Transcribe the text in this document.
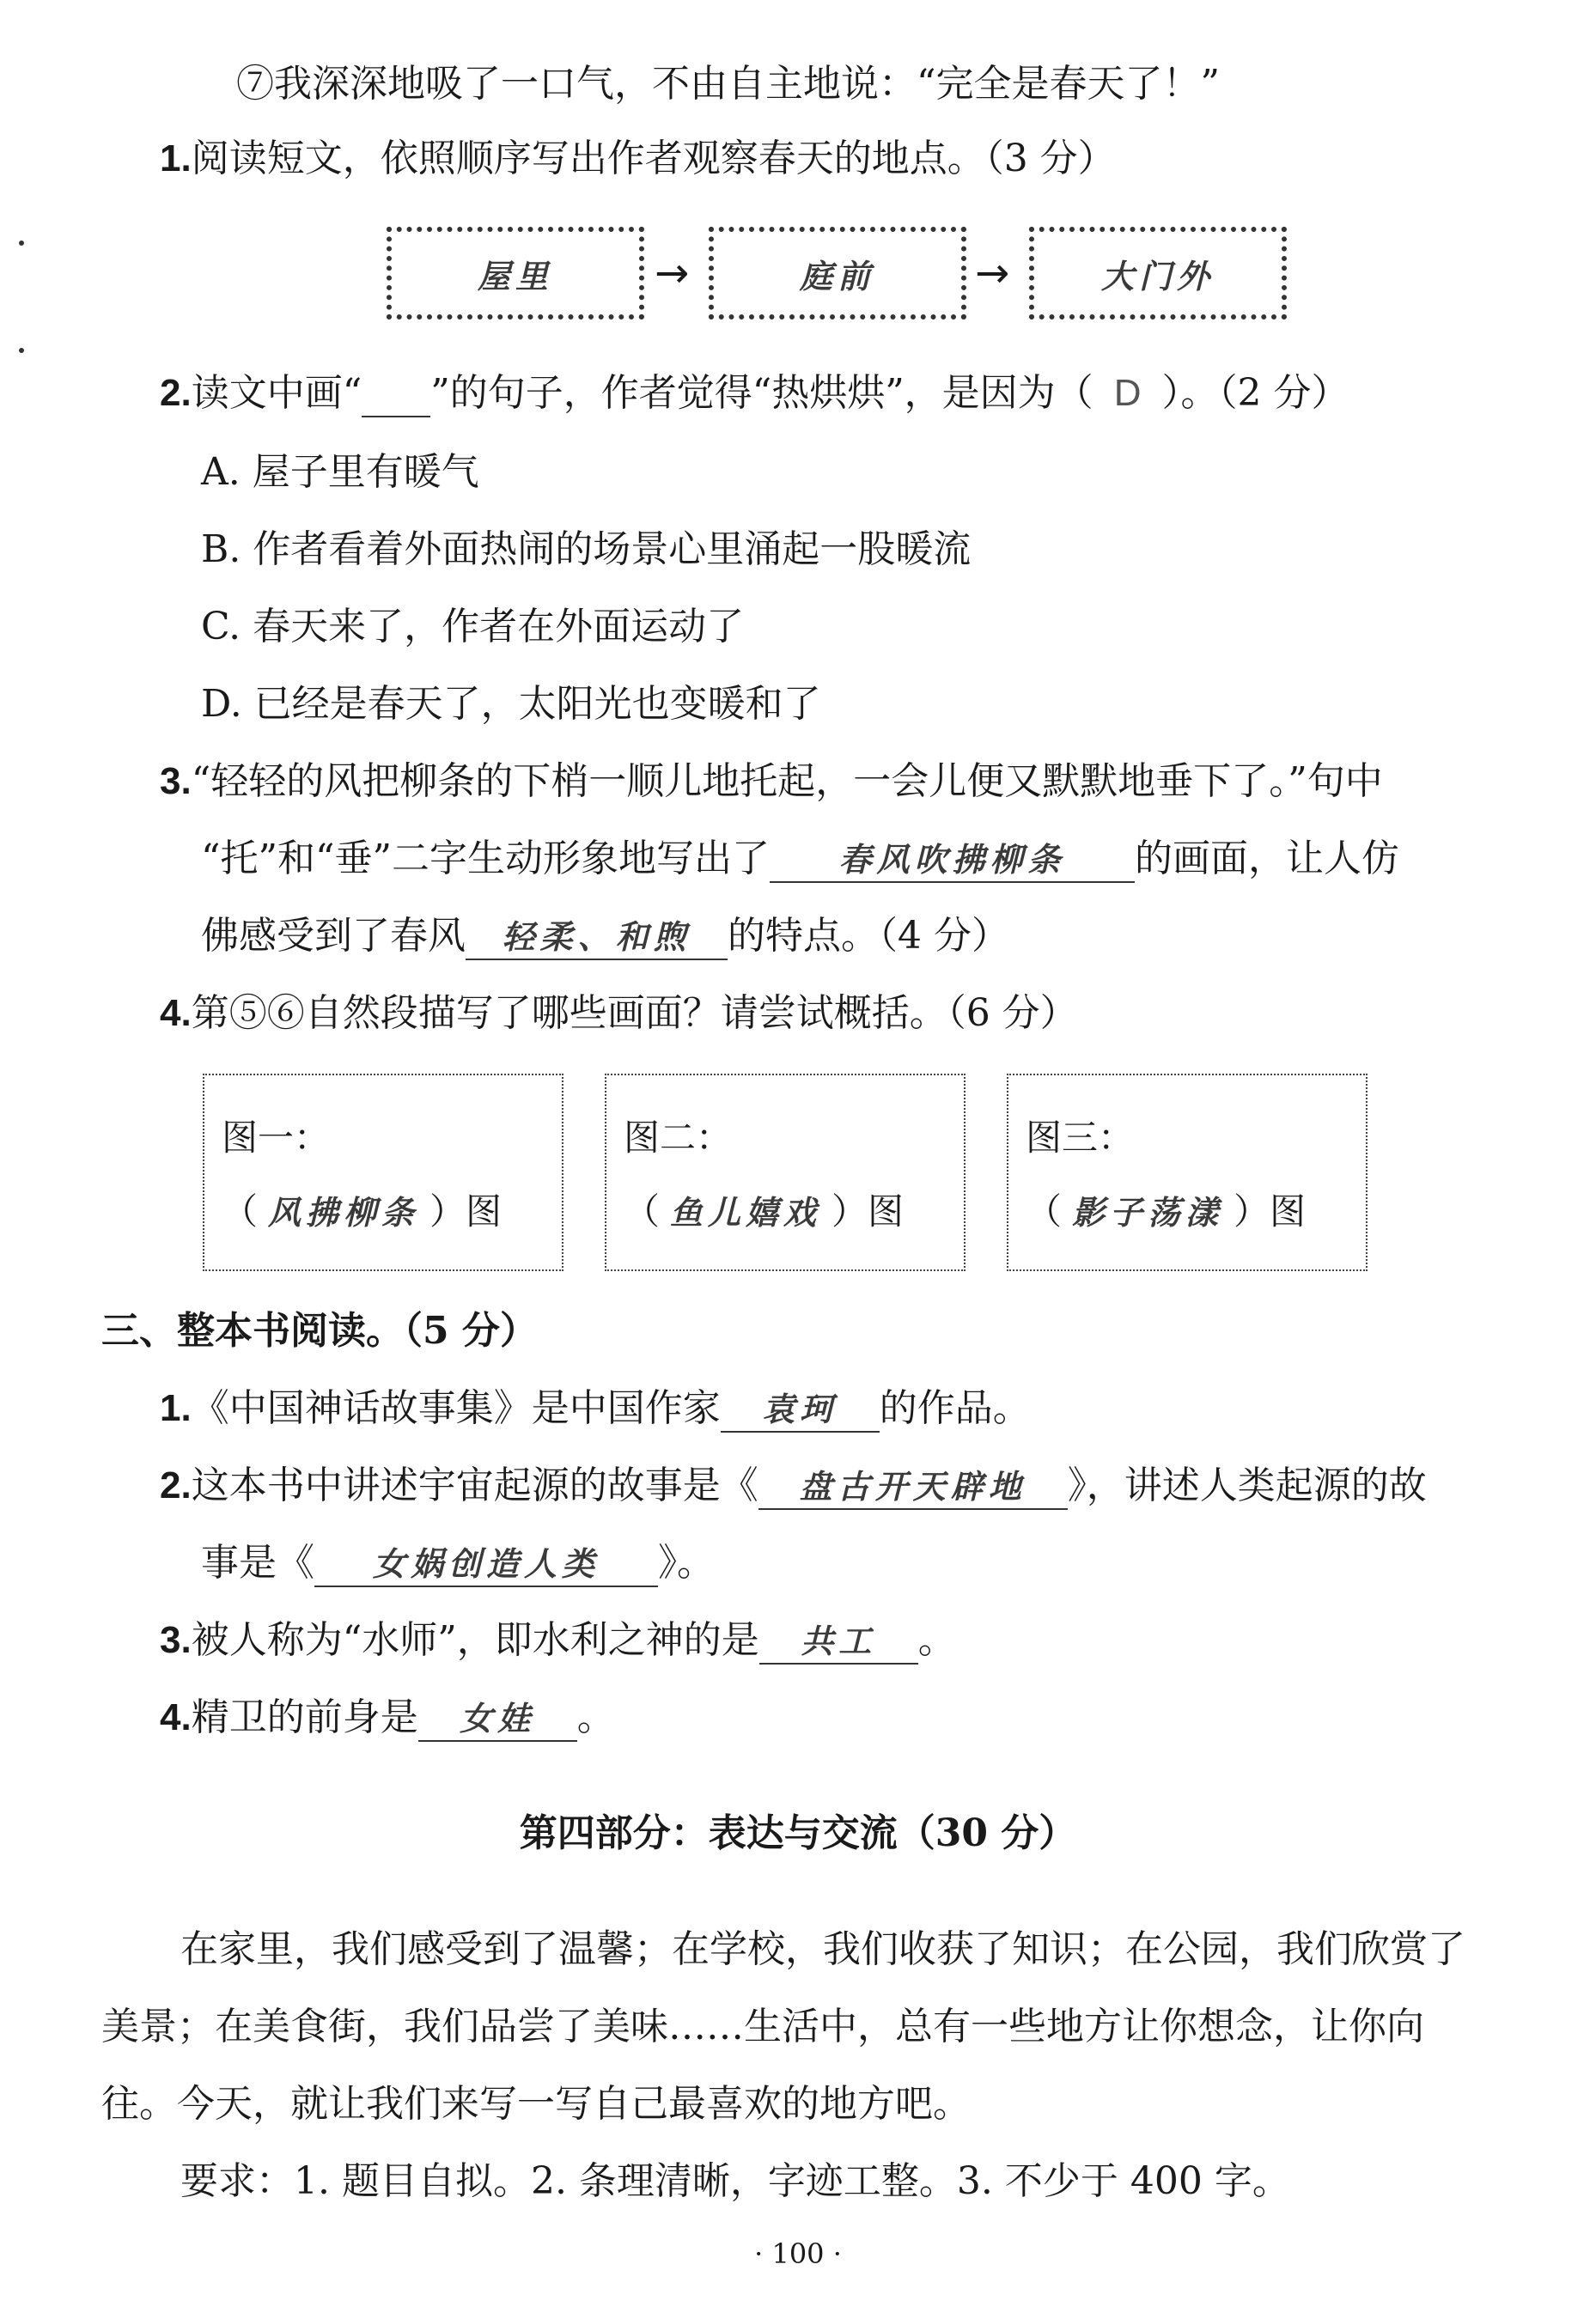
⑦我深深地吸了一口气，不由自主地说：“完全是春天了！”
1.阅读短文，依照顺序写出作者观察春天的地点。（3 分）
屋里 →	庭前 →	大门外
2.读文中画“ ”的句子，作者觉得“热烘烘”，是因为（ D ）。（2 分）
A. 屋子里有暖气
B. 作者看着外面热闹的场景心里涌起一股暖流
C. 春天来了，作者在外面运动了
D. 已经是春天了，太阳光也变暖和了
3.“轻轻的风把柳条的下梢一顺儿地托起，一会儿便又默默地垂下了。”句中
“托”和“垂”二字生动形象地写出了 春风吹拂柳条 的画面，让人仿
佛感受到了春风 轻柔、和煦 的特点。（4 分）
4.第⑤⑥自然段描写了哪些画面？请尝试概括。（6 分）
图一：
（ 风拂柳条 ）图
图二：
（ 鱼儿嬉戏 ）图
图三：
（ 影子荡漾 ）图
三、整本书阅读。（5 分）
1.《中国神话故事集》是中国作家 袁珂 的作品。
2.这本书中讲述宇宙起源的故事是《 盘古开天辟地 》，讲述人类起源的故
事是《 女娲创造人类 》。
3.被人称为“水师”，即水利之神的是 共工 。
4.精卫的前身是 女娃 。
第四部分：表达与交流（30 分）
在家里，我们感受到了温馨；在学校，我们收获了知识；在公园，我们欣赏了
美景；在美食街，我们品尝了美味……生活中，总有一些地方让你想念，让你向
往。今天，就让我们来写一写自己最喜欢的地方吧。
要求：1. 题目自拟。2. 条理清晰，字迹工整。3. 不少于 400 字。
· 100 ·
